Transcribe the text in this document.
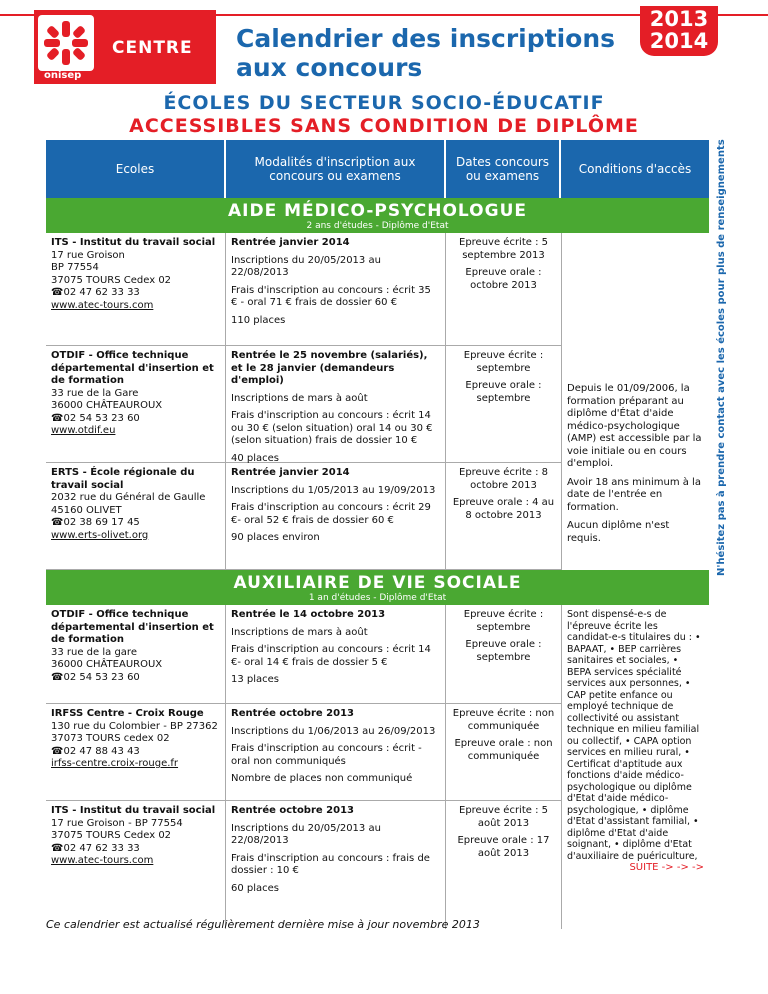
CENTRE
onisep
Calendrier des inscriptions
aux concours
2013
2014
ÉCOLES DU SECTEUR SOCIO-ÉDUCATIF
ACCESSIBLES SANS CONDITION DE DIPLÔME
N'hésitez pas à prendre contact avec les écoles pour plus de renseignements
Ecoles	Modalités d'inscription aux concours ou examens
Dates concours ou examens	Conditions d'accès
AIDE MÉDICO-PSYCHOLOGUE
2 ans d'études - Diplôme d'Etat
ITS - Institut du travail social
17 rue Groison
BP 77554
37075 TOURS Cedex 02
☎02 47 62 33 33
www.atec-tours.com

Rentrée janvier 2014

Inscriptions du 20/05/2013 au 22/08/2013

Frais d'inscription au concours : écrit 35 € - oral 71 € frais de dossier 60 €

110 places

Epreuve écrite : 5 septembre 2013

Epreuve orale : octobre 2013

OTDIF - Office technique départemental d'insertion et de formation
33 rue de la Gare
36000 CHÂTEAUROUX
☎02 54 53 23 60
www.otdif.eu

Rentrée le 25 novembre (salariés), et le 28 janvier (demandeurs d'emploi)

Inscriptions de mars à août

Frais d'inscription au concours : écrit 14 ou 30 € (selon situation) oral 14 ou 30 € (selon situation) frais de dossier 10 €

40 places

Epreuve écrite : septembre

Epreuve orale : septembre

ERTS - École régionale du travail social
2032 rue du Général de Gaulle
45160 OLIVET
☎02 38 69 17 45
www.erts-olivet.org

Rentrée janvier 2014

Inscriptions du 1/05/2013 au 19/09/2013

Frais d'inscription au concours : écrit 29 €- oral 52 € frais de dossier 60 €

90 places environ

Epreuve écrite : 8 octobre 2013

Epreuve orale : 4 au 8 octobre 2013

Depuis le 01/09/2006, la formation préparant au diplôme d'État d'aide médico-psychologique (AMP) est accessible par la voie initiale ou en cours d'emploi.

Avoir 18 ans minimum à la date de l'entrée en formation.

Aucun diplôme n'est requis.

AUXILIAIRE DE VIE SOCIALE
1 an d'études - Diplôme d'Etat
OTDIF - Office technique départemental d'insertion et de formation
33 rue de la gare
36000 CHÂTEAUROUX
☎02 54 53 23 60

Rentrée le 14 octobre 2013

Inscriptions de mars à août

Frais d'inscription au concours : écrit 14 €- oral 14 € frais de dossier 5 €

13 places

Epreuve écrite : septembre

Epreuve orale : septembre

IRFSS Centre - Croix Rouge
130 rue du Colombier - BP 27362
37073 TOURS cedex 02
☎02 47 88 43 43
irfss-centre.croix-rouge.fr

Rentrée octobre 2013

Inscriptions du 1/06/2013 au 26/09/2013

Frais d'inscription au concours : écrit - oral non communiqués

Nombre de places non communiqué

Epreuve écrite : non communiquée

Epreuve orale : non communiquée

ITS - Institut du travail social
17 rue Groison - BP 77554
37075 TOURS Cedex 02
☎02 47 62 33 33
www.atec-tours.com

Rentrée octobre 2013

Inscriptions du 20/05/2013 au 22/08/2013

Frais d'inscription au concours : frais de dossier : 10 €

60 places

Epreuve écrite : 5 août 2013

Epreuve orale : 17 août 2013

Sont dispensé-e-s de l'épreuve écrite les candidat-e-s titulaires du : • BAPAAT, • BEP carrières sanitaires et sociales, • BEPA services spécialité services aux personnes, • CAP petite enfance ou employé technique de collectivité ou assistant technique en milieu familial ou collectif, • CAPA option services en milieu rural, • Certificat d'aptitude aux fonctions d'aide médico-psychologique ou diplôme d'Etat d'aide médico-psychologique, • diplôme d'Etat d'assistant familial, • diplôme d'Etat d'aide soignant, • diplôme d'Etat d'auxiliaire de puériculture,
SUITE -> -> ->
Ce calendrier est actualisé régulièrement dernière mise à jour novembre 2013
